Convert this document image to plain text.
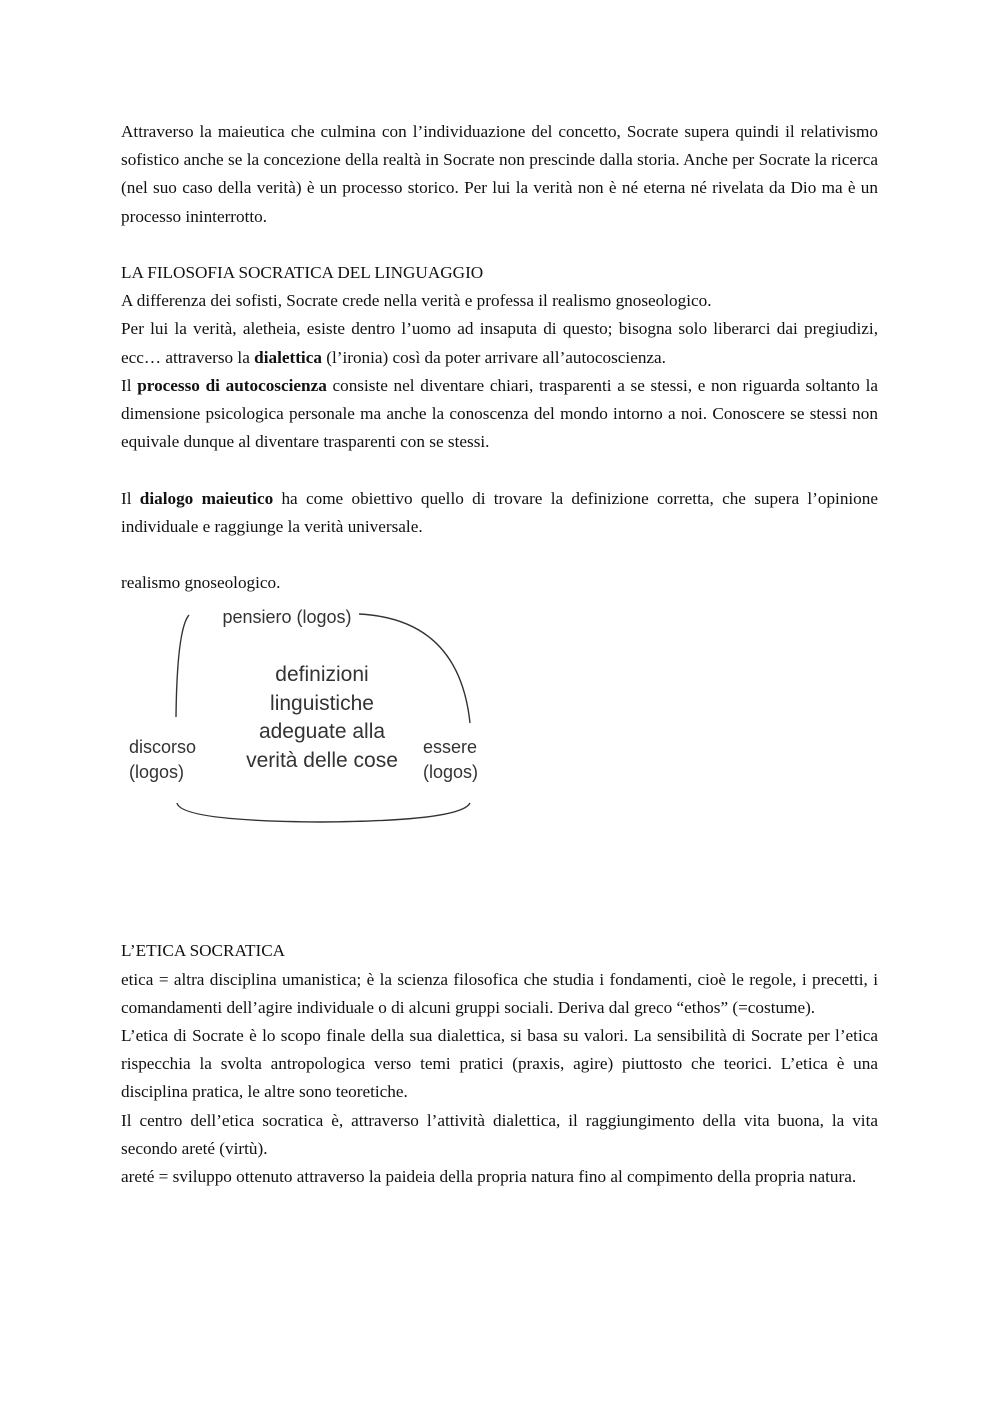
Attraverso la maieutica che culmina con l’individuazione del concetto, Socrate supera quindi il relativismo sofistico anche se la concezione della realtà in Socrate non prescinde dalla storia. Anche per Socrate la ricerca (nel suo caso della verità) è un processo storico. Per lui la verità non è né eterna né rivelata da Dio ma è un processo ininterrotto.

LA FILOSOFIA SOCRATICA DEL LINGUAGGIO

A differenza dei sofisti, Socrate crede nella verità e professa il realismo gnoseologico.

Per lui la verità, aletheia, esiste dentro l’uomo ad insaputa di questo; bisogna solo liberarci dai pregiudizi, ecc… attraverso la dialettica (l’ironia) così da poter arrivare all’autocoscienza.

Il processo di autocoscienza consiste nel diventare chiari, trasparenti a se stessi, e non riguarda soltanto la dimensione psicologica personale ma anche la conoscenza del mondo intorno a noi. Conoscere se stessi non equivale dunque al diventare trasparenti con se stessi.

Il dialogo maieutico ha come obiettivo quello di trovare la definizione corretta, che supera l’opinione individuale e raggiunge la verità universale.

realismo gnoseologico.

pensiero (logos)
definizioni
linguistiche
adeguate alla
verità delle cose
discorso
(logos)
essere
(logos)

L’ETICA SOCRATICA

etica = altra disciplina umanistica; è la scienza filosofica che studia i fondamenti, cioè le regole, i precetti, i comandamenti dell’agire individuale o di alcuni gruppi sociali. Deriva dal greco “ethos” (=costume).

L’etica di Socrate è lo scopo finale della sua dialettica, si basa su valori. La sensibilità di Socrate per l’etica rispecchia la svolta antropologica verso temi pratici (praxis, agire) piuttosto che teorici. L’etica è una disciplina pratica, le altre sono teoretiche.

Il centro dell’etica socratica è, attraverso l’attività dialettica, il raggiungimento della vita buona, la vita secondo areté (virtù).

areté = sviluppo ottenuto attraverso la paideia della propria natura fino al compimento della propria natura.
